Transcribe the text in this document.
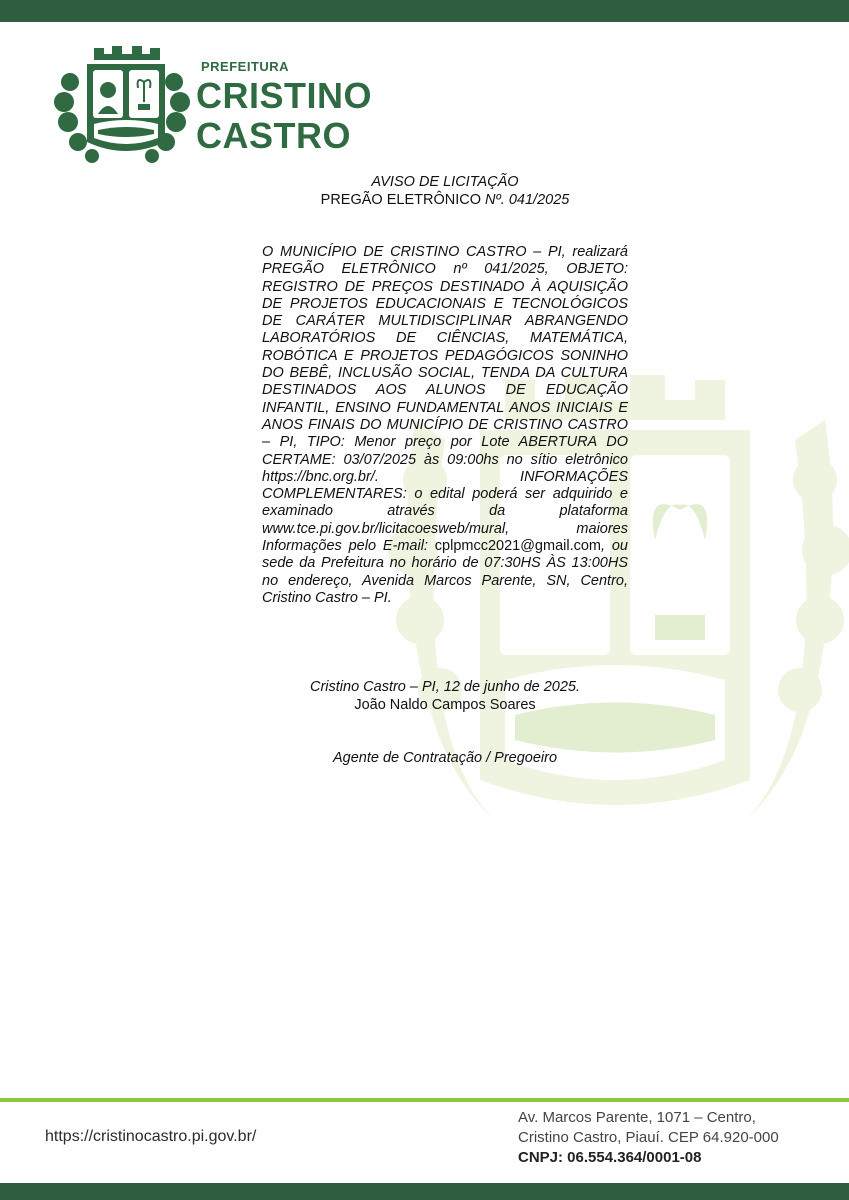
PREFEITURA
CRISTINO
CASTRO
AVISO DE LICITAÇÃO
PREGÃO ELETRÔNICO Nº. 041/2025
O MUNICÍPIO DE CRISTINO CASTRO – PI, realizará PREGÃO ELETRÔNICO nº 041/2025, OBJETO: REGISTRO DE PREÇOS DESTINADO À AQUISIÇÃO DE PROJETOS EDUCACIONAIS E TECNOLÓGICOS DE CARÁTER MULTIDISCIPLINAR ABRANGENDO LABORATÓRIOS DE CIÊNCIAS, MATEMÁTICA, ROBÓTICA E PROJETOS PEDAGÓGICOS SONINHO DO BEBÊ, INCLUSÃO SOCIAL, TENDA DA CULTURA DESTINADOS AOS ALUNOS DE EDUCAÇÃO INFANTIL, ENSINO FUNDAMENTAL ANOS INICIAIS E ANOS FINAIS DO MUNICÍPIO DE CRISTINO CASTRO – PI, TIPO: Menor preço por Lote ABERTURA DO CERTAME: 03/07/2025 às 09:00hs no sítio eletrônico https://bnc.org.br/. INFORMAÇÕES COMPLEMENTARES: o edital poderá ser adquirido e examinado através da plataforma www.tce.pi.gov.br/licitacoesweb/mural, maiores Informações pelo E-mail: cplpmcc2021@gmail.com, ou sede da Prefeitura no horário de 07:30HS ÀS 13:00HS no endereço, Avenida Marcos Parente, SN, Centro, Cristino Castro – PI.
Cristino Castro – PI, 12 de junho de 2025.
João Naldo Campos Soares
Agente de Contratação / Pregoeiro
https://cristinocastro.pi.gov.br/
Av. Marcos Parente, 1071 – Centro,
Cristino Castro, Piauí. CEP 64.920-000
CNPJ: 06.554.364/0001-08
